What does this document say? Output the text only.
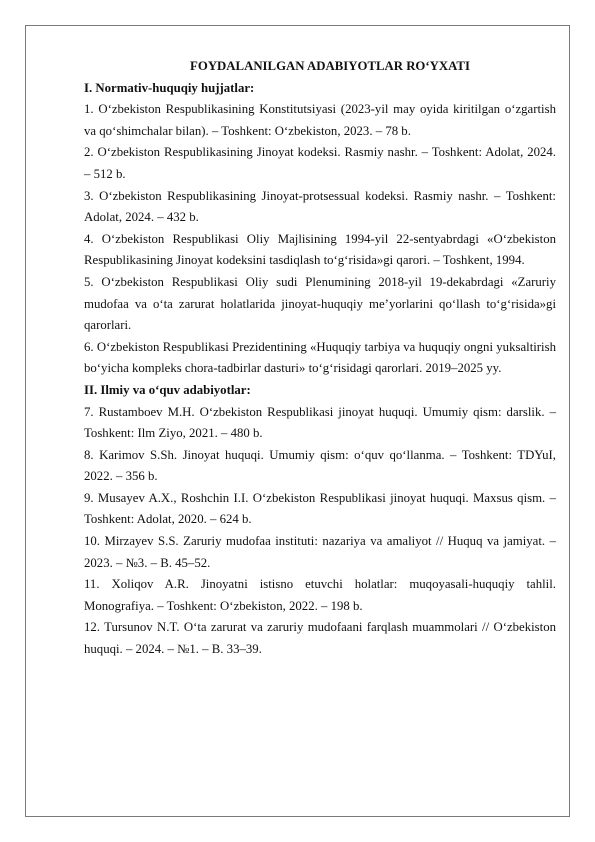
FOYDALANILGAN ADABIYOTLAR RO‘YXATI

I. Normativ-huquqiy hujjatlar:

1. O‘zbekiston Respublikasining Konstitutsiyasi (2023-yil may oyida kiritilgan o‘zgartish va qo‘shimchalar bilan). – Toshkent: O‘zbekiston, 2023. – 78 b.

2. O‘zbekiston Respublikasining Jinoyat kodeksi. Rasmiy nashr. – Toshkent: Adolat, 2024. – 512 b.

3. O‘zbekiston Respublikasining Jinoyat-protsessual kodeksi. Rasmiy nashr. – Toshkent: Adolat, 2024. – 432 b.

4. O‘zbekiston Respublikasi Oliy Majlisining 1994-yil 22-sentyabrdagi «O‘zbekiston Respublikasining Jinoyat kodeksini tasdiqlash to‘g‘risida»gi qarori. – Toshkent, 1994.

5. O‘zbekiston Respublikasi Oliy sudi Plenumining 2018-yil 19-dekabrdagi «Zaruriy mudofaa va o‘ta zarurat holatlarida jinoyat-huquqiy me’yorlarini qo‘llash to‘g‘risida»gi qarorlari.

6. O‘zbekiston Respublikasi Prezidentining «Huquqiy tarbiya va huquqiy ongni yuksaltirish bo‘yicha kompleks chora-tadbirlar dasturi» to‘g‘risidagi qarorlari. 2019–2025 yy.

II. Ilmiy va o‘quv adabiyotlar:

7. Rustamboev M.H. O‘zbekiston Respublikasi jinoyat huquqi. Umumiy qism: darslik. – Toshkent: Ilm Ziyo, 2021. – 480 b.

8. Karimov S.Sh. Jinoyat huquqi. Umumiy qism: o‘quv qo‘llanma. – Toshkent: TDYuI, 2022. – 356 b.

9. Musayev A.X., Roshchin I.I. O‘zbekiston Respublikasi jinoyat huquqi. Maxsus qism. – Toshkent: Adolat, 2020. – 624 b.

10. Mirzayev S.S. Zaruriy mudofaa instituti: nazariya va amaliyot // Huquq va jamiyat. – 2023. – №3. – B. 45–52.

11. Xoliqov A.R. Jinoyatni istisno etuvchi holatlar: muqoyasali-huquqiy tahlil. Monografiya. – Toshkent: O‘zbekiston, 2022. – 198 b.

12. Tursunov N.T. O‘ta zarurat va zaruriy mudofaani farqlash muammolari // O‘zbekiston huquqi. – 2024. – №1. – B. 33–39.
